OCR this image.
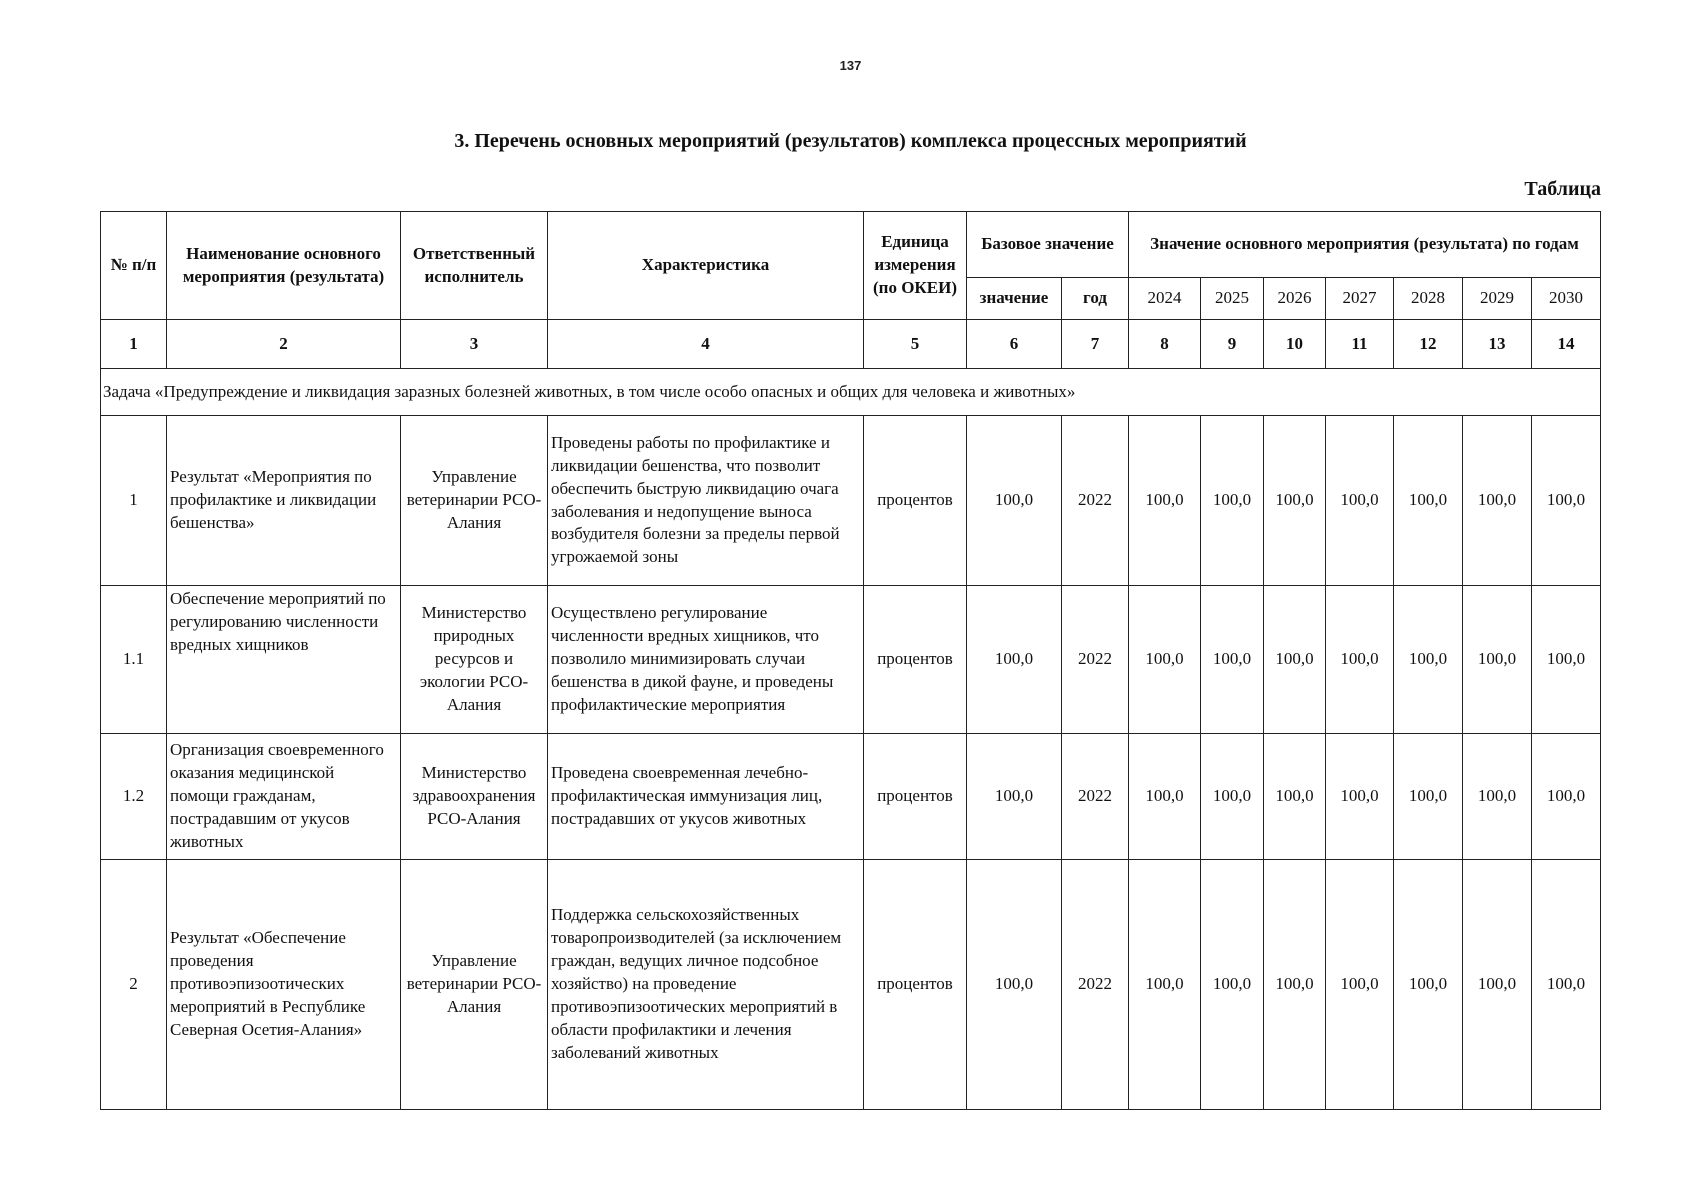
137
3. Перечень основных мероприятий (результатов) комплекса процессных мероприятий
Таблица
№ п/п	Наименование основного мероприятия (результата)	Ответственный исполнитель	Характеристика	Единица измерения (по ОКЕИ)	Базовое значение		Значение основного мероприятия (результата) по годам						
					значение	год	2024	2025	2026	2027	2028	2029	2030
1	2	3	4	5	6	7	8	9	10	11	12	13	14
Задача «Предупреждение и ликвидация заразных болезней животных, в том числе особо опасных и общих для человека и животных»													
1	Результат «Мероприятия по профилактике и ликвидации бешенства»	Управление ветеринарии РСО-Алания	Проведены работы по профилактике и ликвидации бешенства, что позволит обеспечить быструю ликвидацию очага заболевания и недопущение выноса возбудителя болезни за пределы первой угрожаемой зоны	процентов	100,0	2022	100,0	100,0	100,0	100,0	100,0	100,0	100,0
1.1	Обеспечение мероприятий по регулированию численности вредных хищников	Министерство природных ресурсов и экологии РСО-Алания	Осуществлено регулирование численности вредных хищников, что позволило минимизировать случаи бешенства в дикой фауне, и проведены профилактические мероприятия	процентов	100,0	2022	100,0	100,0	100,0	100,0	100,0	100,0	100,0
1.2	Организация своевременного оказания медицинской помощи гражданам, пострадавшим от укусов животных	Министерство здравоохранения РСО-Алания	Проведена своевременная лечебно-профилактическая иммунизация лиц, пострадавших от укусов животных	процентов	100,0	2022	100,0	100,0	100,0	100,0	100,0	100,0	100,0
2	Результат «Обеспечение проведения противоэпизоотических мероприятий в Республике Северная Осетия-Алания»	Управление ветеринарии РСО-Алания	Поддержка сельскохозяйственных товаропроизводителей (за исключением граждан, ведущих личное подсобное хозяйство) на проведение противоэпизоотических мероприятий в области профилактики и лечения заболеваний животных	процентов	100,0	2022	100,0	100,0	100,0	100,0	100,0	100,0	100,0
